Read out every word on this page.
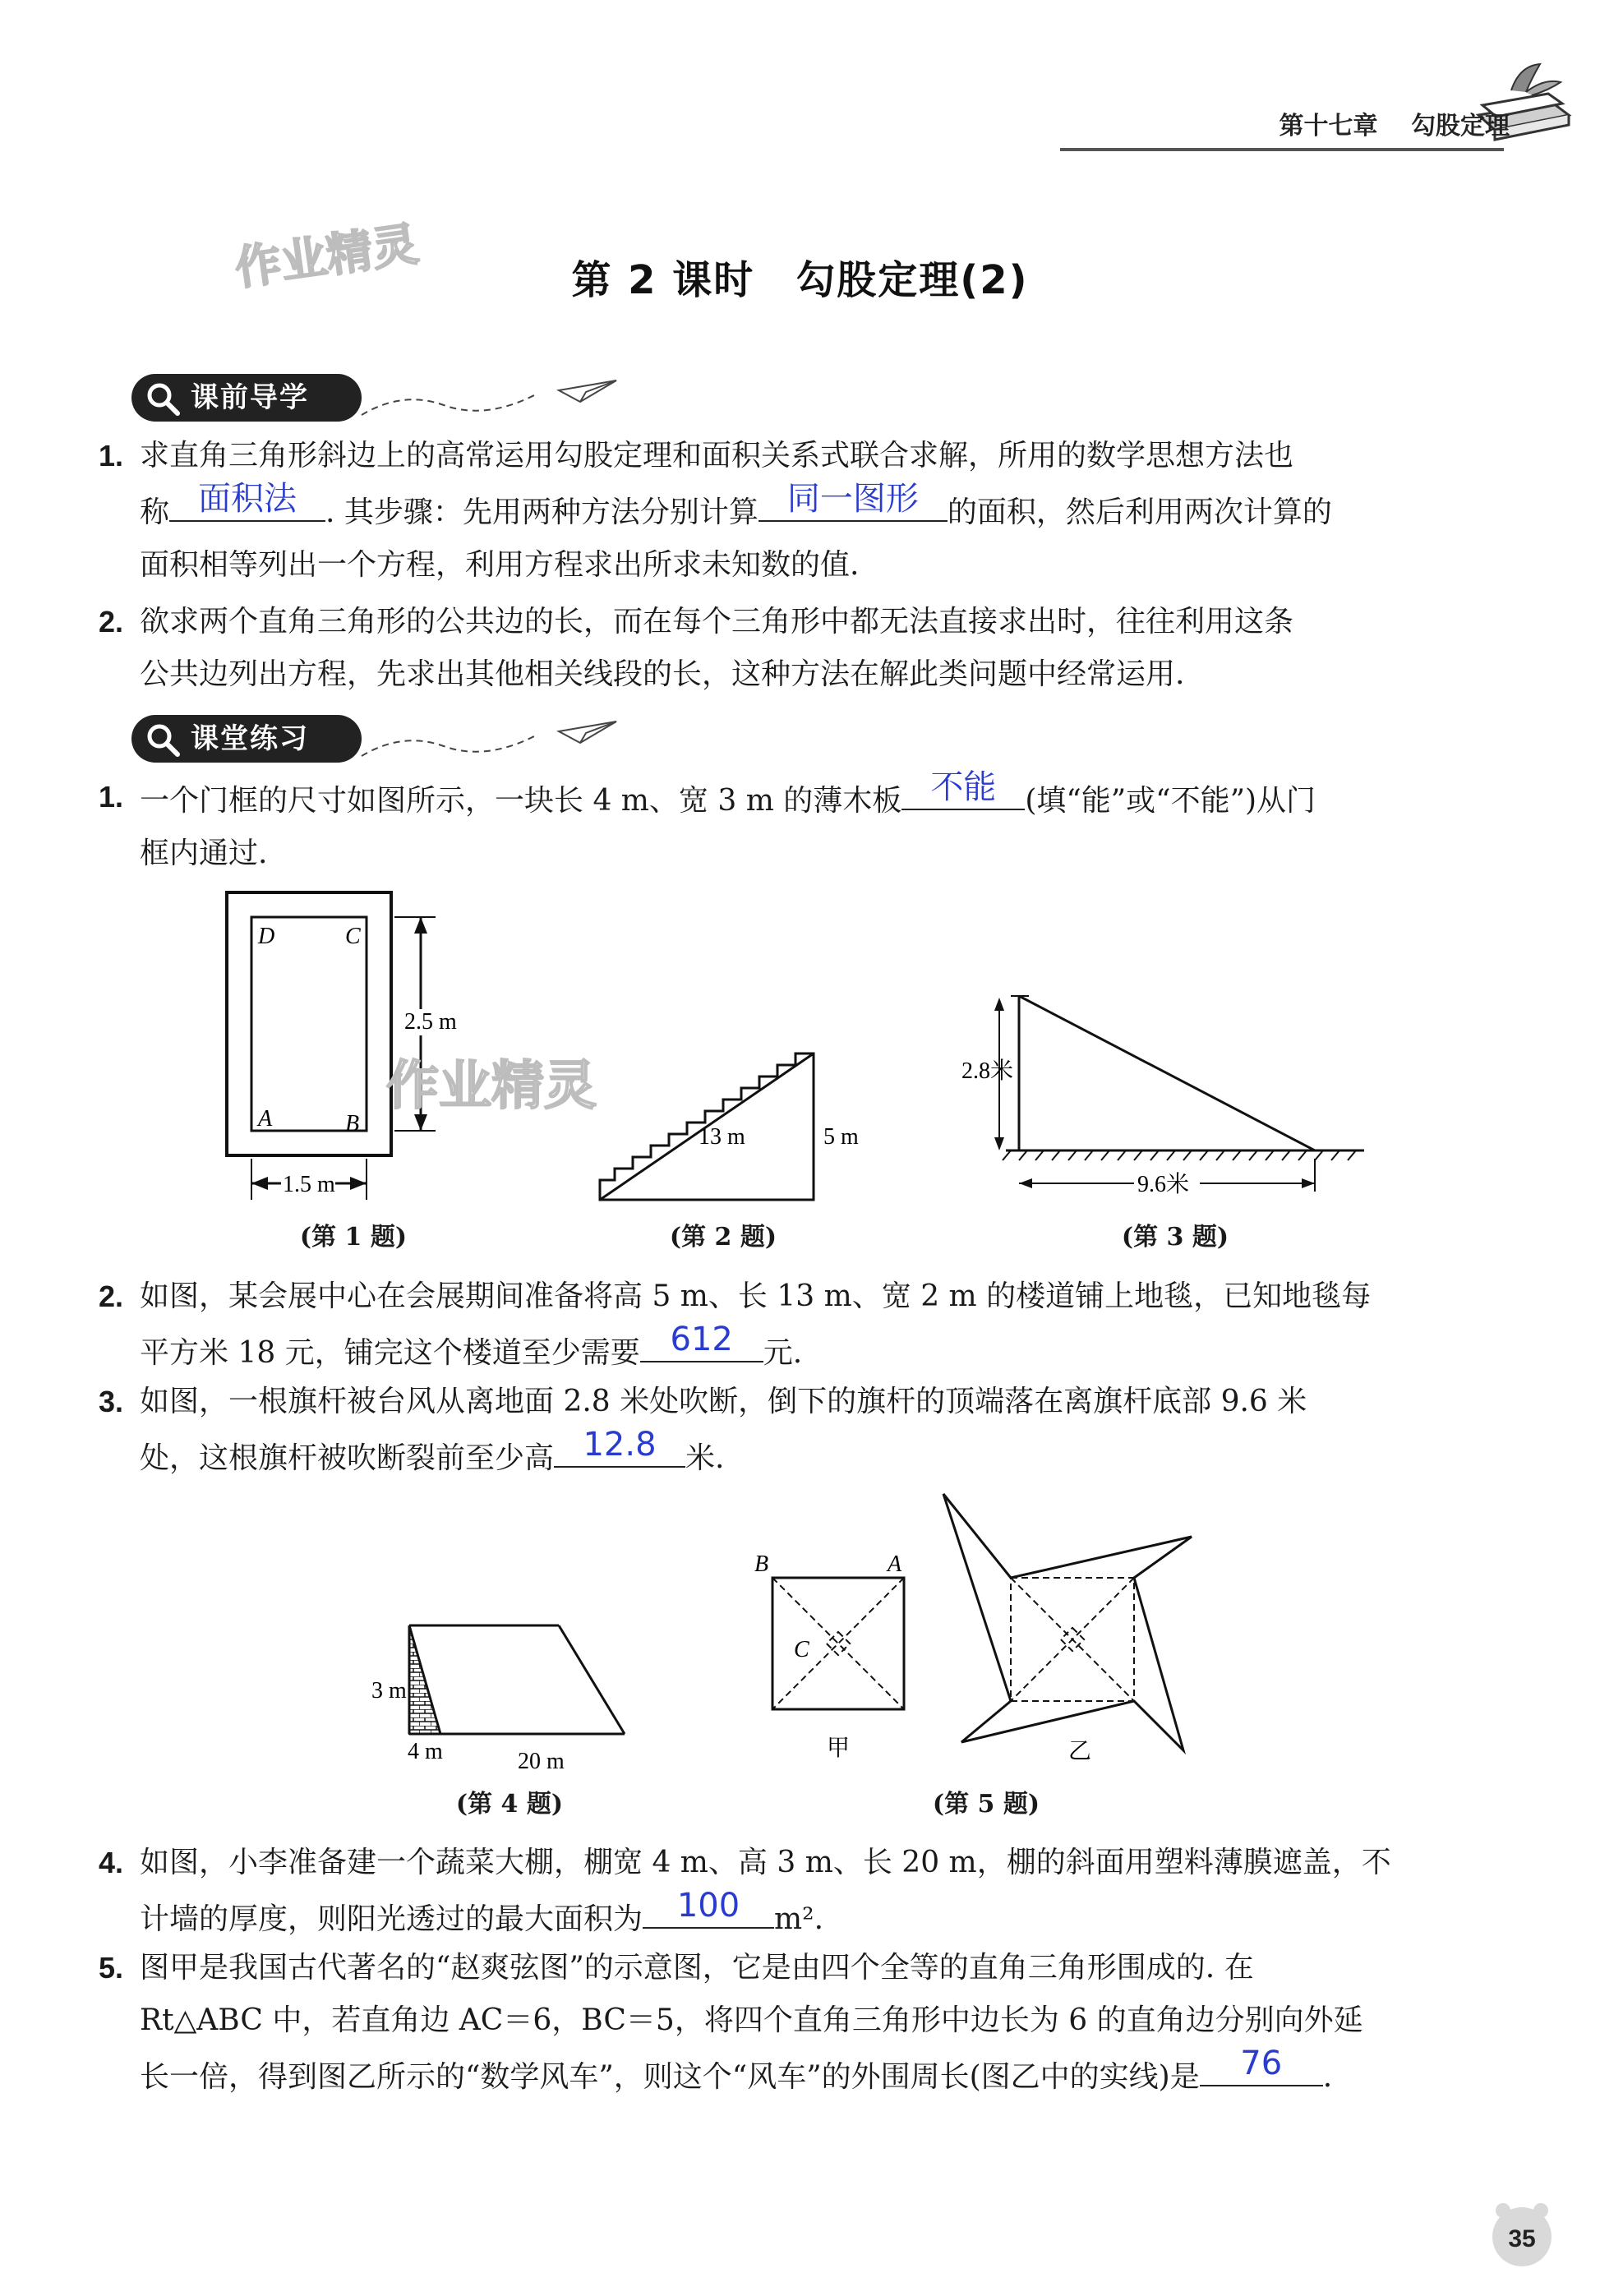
第十七章 勾股定理
作业精灵	第 2 课时 勾股定理(2)
课前导学
1. 求直角三角形斜边上的高常运用勾股定理和面积关系式联合求解，所用的数学思想方法也

称 面积法 . 其步骤：先用两种方法分别计算 同一图形 的面积，然后利用两次计算的

面积相等列出一个方程，利用方程求出所求未知数的值.

2. 欲求两个直角三角形的公共边的长，而在每个三角形中都无法直接求出时，往往利用这条

公共边列出方程，先求出其他相关线段的长，这种方法在解此类问题中经常运用.

课堂练习
1. 一个门框的尺寸如图所示，一块长 4 m、宽 3 m 的薄木板 不能 (填“能”或“不能”)从门

框内通过.

D	C
A	B
2.5 m
1.5 m
(第 1 题)
作业精灵
13 m	5 m
(第 2 题)
2.8米
9.6米
(第 3 题)
2. 如图，某会展中心在会展期间准备将高 5 m、长 13 m、宽 2 m 的楼道铺上地毯，已知地毯每

平方米 18 元，铺完这个楼道至少需要 612	元.

3. 如图，一根旗杆被台风从离地面 2.8 米处吹断，倒下的旗杆的顶端落在离旗杆底部 9.6 米

处，这根旗杆被吹断裂前至少高 12.8 米.

3 m
4 m	20 m
(第 4 题)
B	A
C
甲	乙
(第 5 题)
4. 如图，小李准备建一个蔬菜大棚，棚宽 4 m、高 3 m、长 20 m，棚的斜面用塑料薄膜遮盖，不

计墙的厚度，则阳光透过的最大面积为	100	m².

5. 图甲是我国古代著名的“赵爽弦图”的示意图，它是由四个全等的直角三角形围成的. 在

Rt△ABC 中，若直角边 AC＝6，BC＝5，将四个直角三角形中边长为 6 的直角边分别向外延

长一倍，得到图乙所示的“数学风车”，则这个“风车”的外围周长(图乙中的实线)是	76	.

35
